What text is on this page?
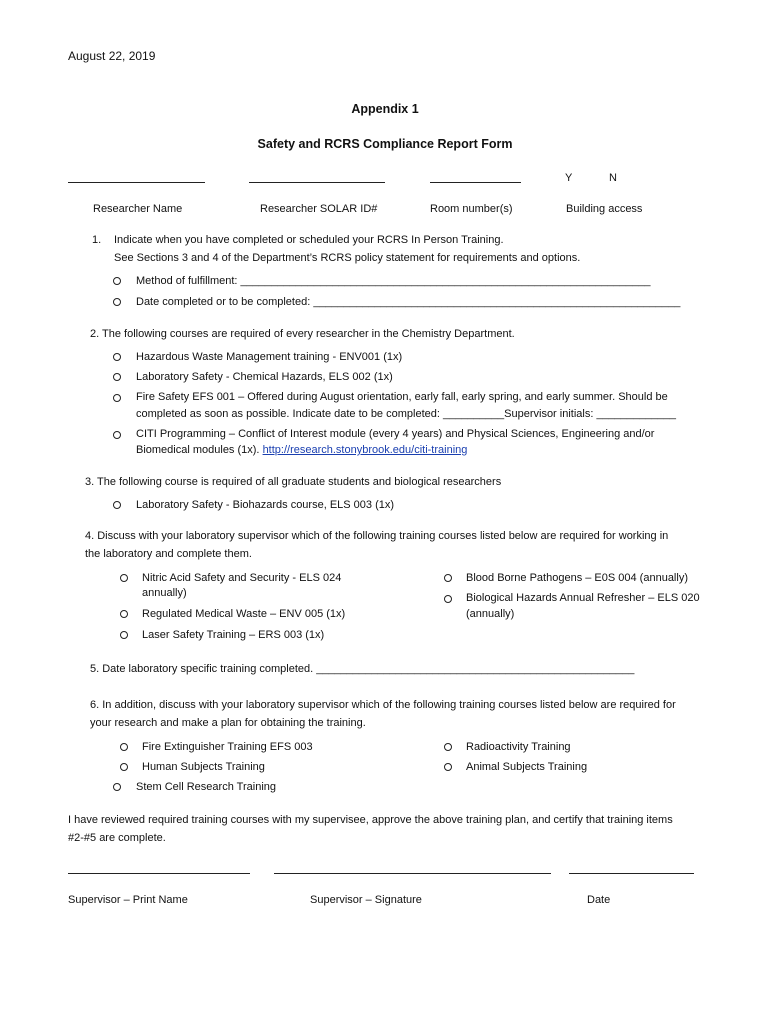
August 22, 2019
Appendix 1
Safety and RCRS Compliance Report Form
Y	N
Researcher Name	Researcher SOLAR ID#	Room number(s)	Building access
1. Indicate when you have completed or scheduled your RCRS In Person Training.
See Sections 3 and 4 of the Department’s RCRS policy statement for requirements and options.
Method of fulfillment: ___________________________________________________________________
Date completed or to be completed: ____________________________________________________________
2. The following courses are required of every researcher in the Chemistry Department.
Hazardous Waste Management training - ENV001 (1x)
Laboratory Safety - Chemical Hazards, ELS 002 (1x)
Fire Safety EFS 001 – Offered during August orientation, early fall, early spring, and early summer. Should be
completed as soon as possible. Indicate date to be completed: __________Supervisor initials: _____________
CITI Programming – Conflict of Interest module (every 4 years) and Physical Sciences, Engineering and/or
Biomedical modules (1x). http://research.stonybrook.edu/citi-training
3. The following course is required of all graduate students and biological researchers
Laboratory Safety - Biohazards course, ELS 003 (1x)
4. Discuss with your laboratory supervisor which of the following training courses listed below are required for working in
the laboratory and complete them.
Nitric Acid Safety and Security - ELS 024
annually)
Regulated Medical Waste – ENV 005 (1x)
Laser Safety Training – ERS 003 (1x)
Blood Borne Pathogens – E0S 004 (annually)
Biological Hazards Annual Refresher – ELS 020
(annually)
5. Date laboratory specific training completed. ____________________________________________________
6. In addition, discuss with your laboratory supervisor which of the following training courses listed below are required for
your research and make a plan for obtaining the training.
Fire Extinguisher Training EFS 003
Human Subjects Training
Stem Cell Research Training
Radioactivity Training
Animal Subjects Training
I have reviewed required training courses with my supervisee, approve the above training plan, and certify that training items
#2-#5 are complete.
Supervisor – Print Name	Supervisor – Signature	Date
